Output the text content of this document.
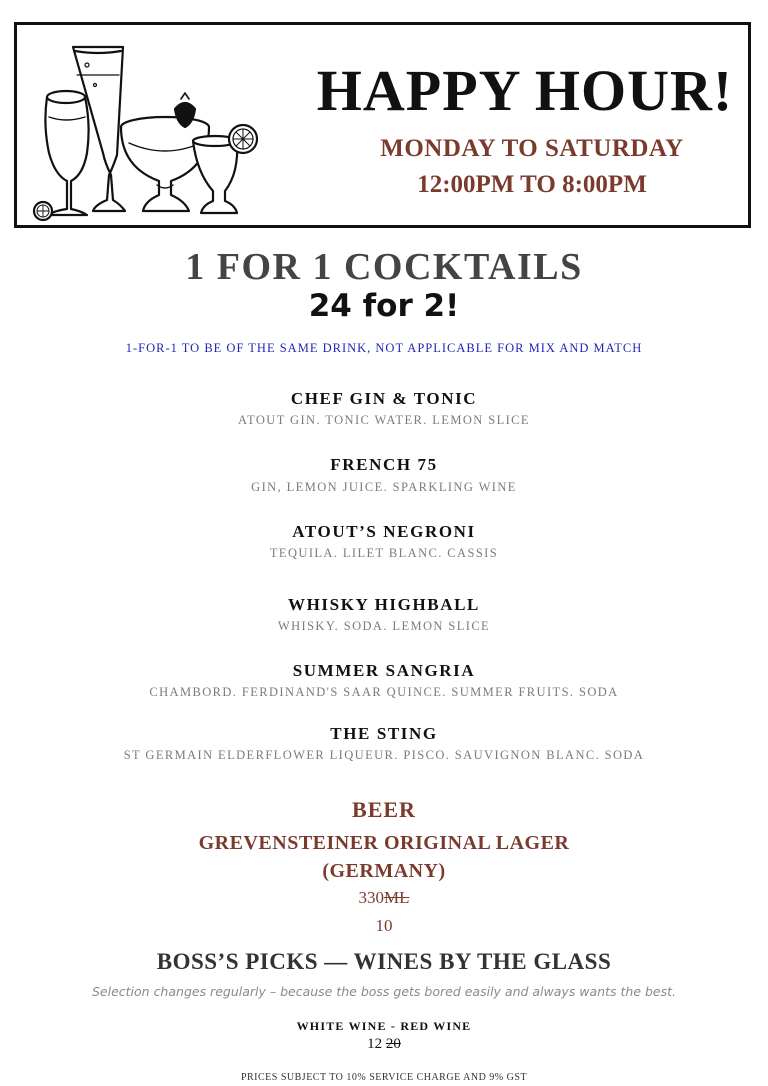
HAPPY HOUR!
MONDAY TO SATURDAY
12:00PM TO 8:00PM
1 FOR 1 COCKTAILS
24 for 2!
1-FOR-1 TO BE OF THE SAME DRINK, NOT APPLICABLE FOR MIX AND MATCH
CHEF GIN & TONIC
ATOUT GIN. TONIC WATER. LEMON SLICE
FRENCH 75
GIN, LEMON JUICE. SPARKLING WINE
ATOUT’S NEGRONI
TEQUILA. LILET BLANC. CASSIS
WHISKY HIGHBALL
WHISKY. SODA. LEMON SLICE
SUMMER SANGRIA
CHAMBORD. FERDINAND'S SAAR QUINCE. SUMMER FRUITS. SODA
THE STING
ST GERMAIN ELDERFLOWER LIQUEUR. PISCO. SAUVIGNON BLANC. SODA
BEER
GREVENSTEINER ORIGINAL LAGER
(GERMANY)
330ML
10
BOSS’S PICKS — WINES BY THE GLASS
Selection changes regularly – because the boss gets bored easily and always wants the best.
WHITE WINE - RED WINE
12 20
PRICES SUBJECT TO 10% SERVICE CHARGE AND 9% GST
